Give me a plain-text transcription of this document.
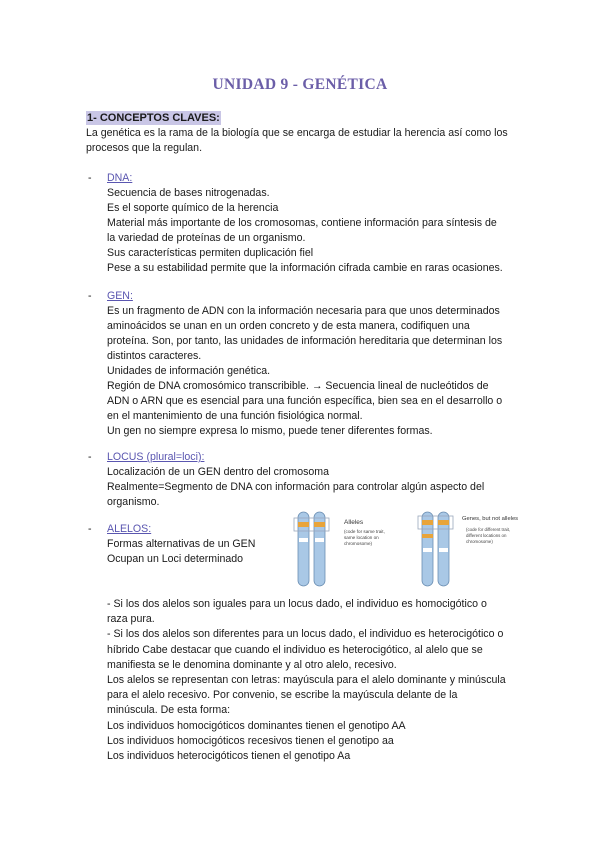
UNIDAD 9 - GENÉTICA
1- CONCEPTOS CLAVES:

La genética es la rama de la biología que se encarga de estudiar la herencia así como los procesos que la regulan.

- DNA:
Secuencia de bases nitrogenadas.
Es el soporte químico de la herencia
Material más importante de los cromosomas, contiene información para síntesis de
la variedad de proteínas de un organismo.
Sus características permiten duplicación fiel
Pese a su estabilidad permite que la información cifrada cambie en raras ocasiones.
- GEN:
Es un fragmento de ADN con la información necesaria para que unos determinados
aminoácidos se unan en un orden concreto y de esta manera, codifiquen una
proteína. Son, por tanto, las unidades de información hereditaria que determinan los
distintos caracteres.
Unidades de información genética.
Región de DNA cromosómico transcribible. → Secuencia lineal de nucleótidos de
ADN o ARN que es esencial para una función específica, bien sea en el desarrollo o
en el mantenimiento de una función fisiológica normal.
Un gen no siempre expresa lo mismo, puede tener diferentes formas.
- LOCUS (plural=loci):
Localización de un GEN dentro del cromosoma
Realmente=Segmento de DNA con información para controlar algún aspecto del
organismo.
- ALELOS:
Formas alternativas de un GEN
Ocupan un Loci determinado
Alleles
(code for same trait,
same location on
chromosome)
Genes, but not alleles
(code for different trait,
different locations on
chromosome)
- Si los dos alelos son iguales para un locus dado, el individuo es homocigótico o
raza pura.
- Si los dos alelos son diferentes para un locus dado, el individuo es heterocigótico o
híbrido Cabe destacar que cuando el individuo es heterocigótico, al alelo que se
manifiesta se le denomina dominante y al otro alelo, recesivo.
Los alelos se representan con letras: mayúscula para el alelo dominante y minúscula
para el alelo recesivo. Por convenio, se escribe la mayúscula delante de la
minúscula. De esta forma:
Los individuos homocigóticos dominantes tienen el genotipo AA
Los individuos homocigóticos recesivos tienen el genotipo aa
Los individuos heterocigóticos tienen el genotipo Aa
